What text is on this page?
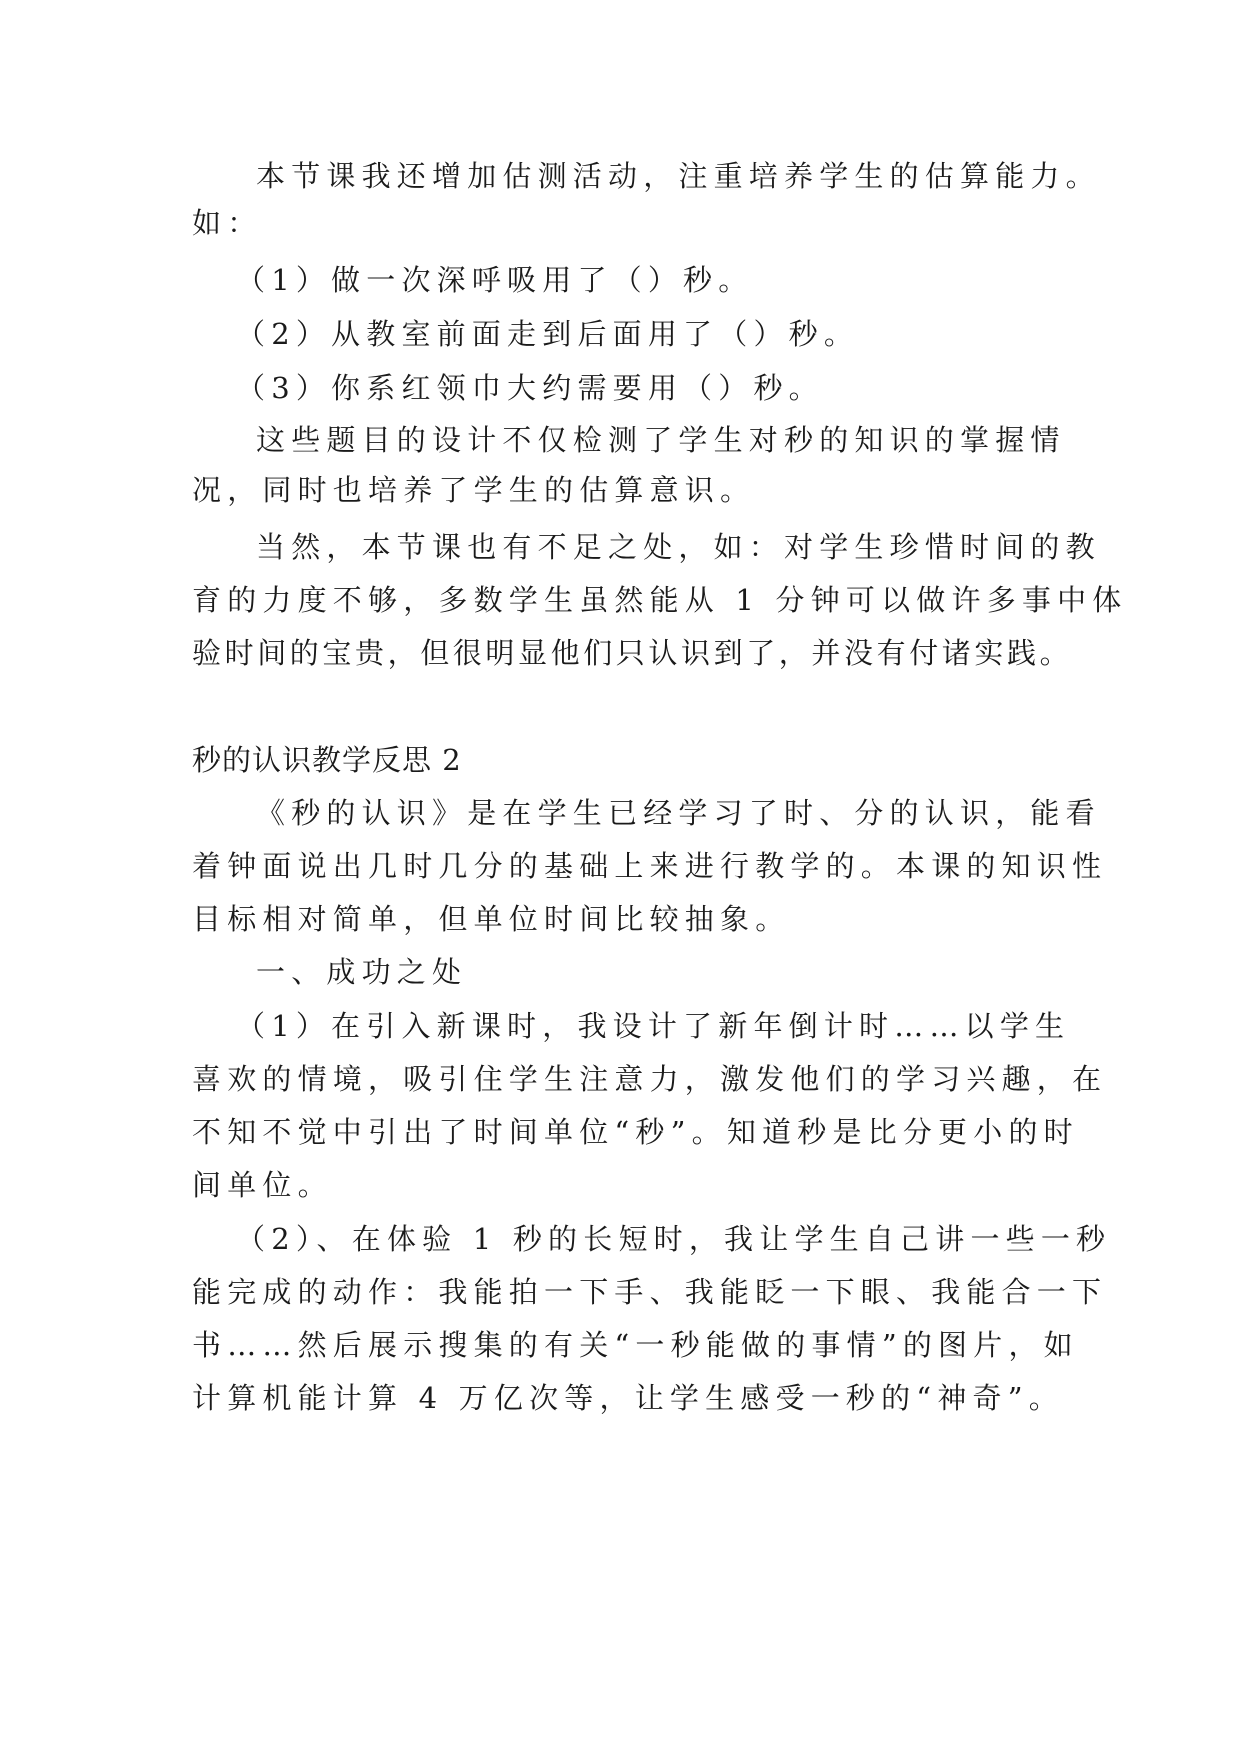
本节课我还增加估测活动，注重培养学生的估算能力。
如：
（1）做一次深呼吸用了（）秒。
（2）从教室前面走到后面用了（）秒。
（3）你系红领巾大约需要用（）秒。
这些题目的设计不仅检测了学生对秒的知识的掌握情
况，同时也培养了学生的估算意识。
当然，本节课也有不足之处，如：对学生珍惜时间的教
育的力度不够，多数学生虽然能从 1 分钟可以做许多事中体
验时间的宝贵，但很明显他们只认识到了，并没有付诸实践。
秒的认识教学反思 2
《秒的认识》是在学生已经学习了时、分的认识，能看
着钟面说出几时几分的基础上来进行教学的。本课的知识性
目标相对简单，但单位时间比较抽象。
一、成功之处
（1）在引入新课时，我设计了新年倒计时……以学生
喜欢的情境，吸引住学生注意力，激发他们的学习兴趣，在
不知不觉中引出了时间单位“秒”。知道秒是比分更小的时
间单位。
（2）、在体验 1 秒的长短时，我让学生自己讲一些一秒
能完成的动作：我能拍一下手、我能眨一下眼、我能合一下
书……然后展示搜集的有关“一秒能做的事情”的图片，如
计算机能计算 4 万亿次等，让学生感受一秒的“神奇”。
